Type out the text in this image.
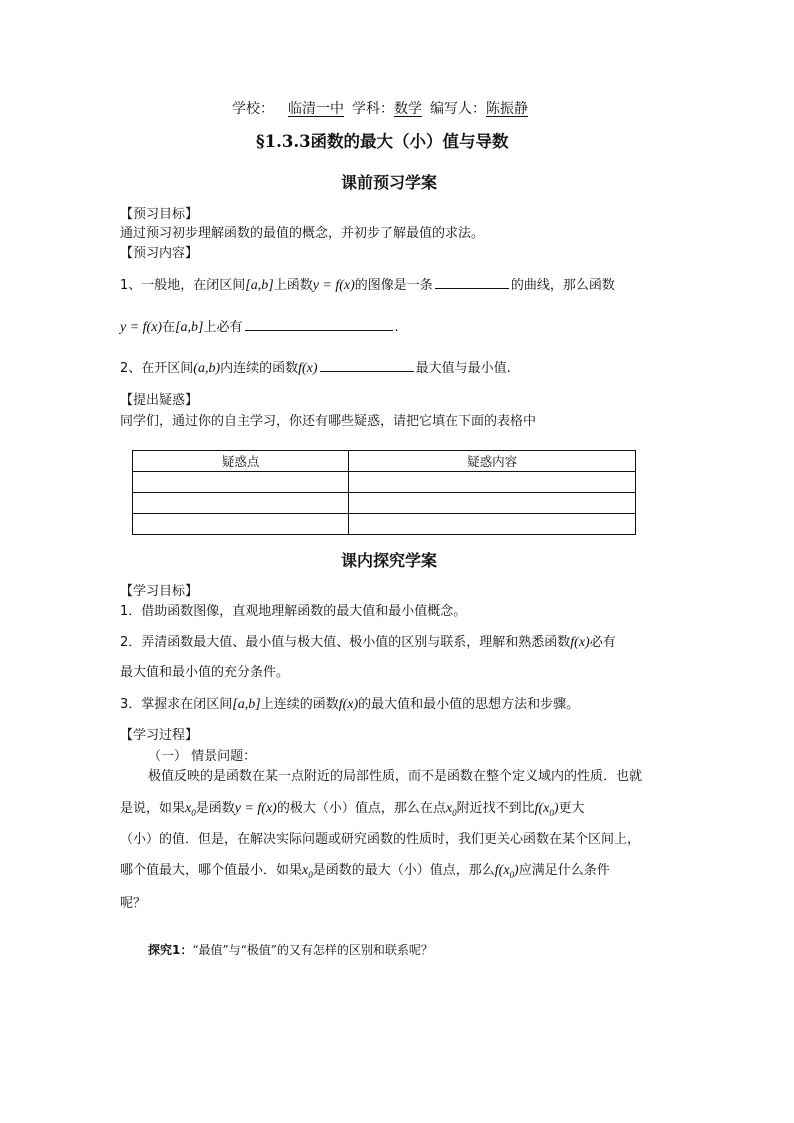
学校： 临清一中 学科：数学 编写人：陈振静
§1.3.3函数的最大（小）值与导数
课前预习学案
【预习目标】
通过预习初步理解函数的最值的概念，并初步了解最值的求法。
【预习内容】
1、一般地，在闭区间[a,b]上函数y = f(x)的图像是一条	的曲线，那么函数
y = f(x)在[a,b]上必有	.
2、在开区间(a,b)内连续的函数f(x)	最大值与最小值.
【提出疑惑】
同学们，通过你的自主学习，你还有哪些疑惑，请把它填在下面的表格中
疑惑点	疑惑内容

课内探究学案
【学习目标】
1．借助函数图像，直观地理解函数的最大值和最小值概念。
2．弄清函数最大值、最小值与极大值、极小值的区别与联系，理解和熟悉函数f(x)必有
最大值和最小值的充分条件。
3．掌握求在闭区间[a,b]上连续的函数f(x)的最大值和最小值的思想方法和步骤。
【学习过程】
（一） 情景问题：
极值反映的是函数在某一点附近的局部性质，而不是函数在整个定义域内的性质．也就
是说，如果$x_0$是函数y = f(x)的极大（小）值点，那么在点$x_0$附近找不到比$f(x_0)$更大
（小）的值．但是，在解决实际问题或研究函数的性质时，我们更关心函数在某个区间上，
哪个值最大，哪个值最小．如果$x_0$是函数的最大（小）值点，那么$f(x_0)$应满足什么条件
呢？
探究1：“最值”与“极值”的又有怎样的区别和联系呢？
